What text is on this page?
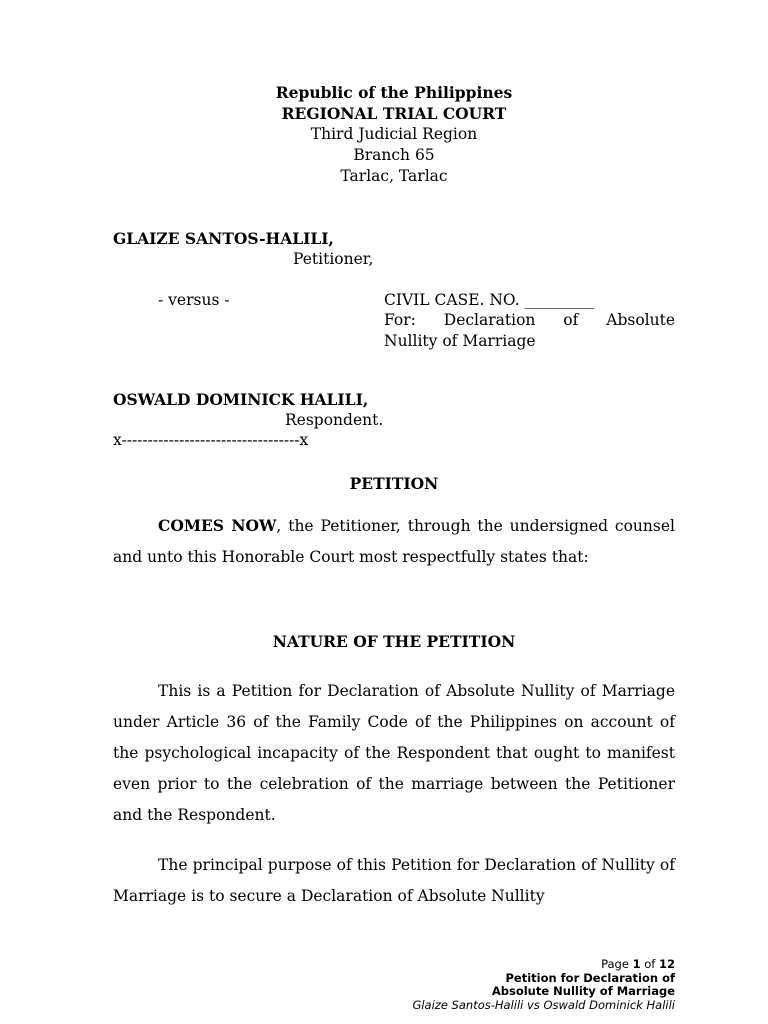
Republic of the Philippines
REGIONAL TRIAL COURT
Third Judicial Region
Branch 65
Tarlac, Tarlac
GLAIZE SANTOS-HALILI,
Petitioner,
- versus -	CIVIL CASE. NO. _________
For: Declaration of Absolute
Nullity of Marriage
OSWALD DOMINICK HALILI,
Respondent.
x----------------------------------x
PETITION
COMES NOW, the Petitioner, through the undersigned counsel and unto this Honorable Court most respectfully states that:
NATURE OF THE PETITION
This is a Petition for Declaration of Absolute Nullity of Marriage under Article 36 of the Family Code of the Philippines on account of the psychological incapacity of the Respondent that ought to manifest even prior to the celebration of the marriage between the Petitioner and the Respondent.
The principal purpose of this Petition for Declaration of Nullity of Marriage is to secure a Declaration of Absolute Nullity
Page 1 of 12
Petition for Declaration of
Absolute Nullity of Marriage
Glaize Santos-Halili vs Oswald Dominick Halili
